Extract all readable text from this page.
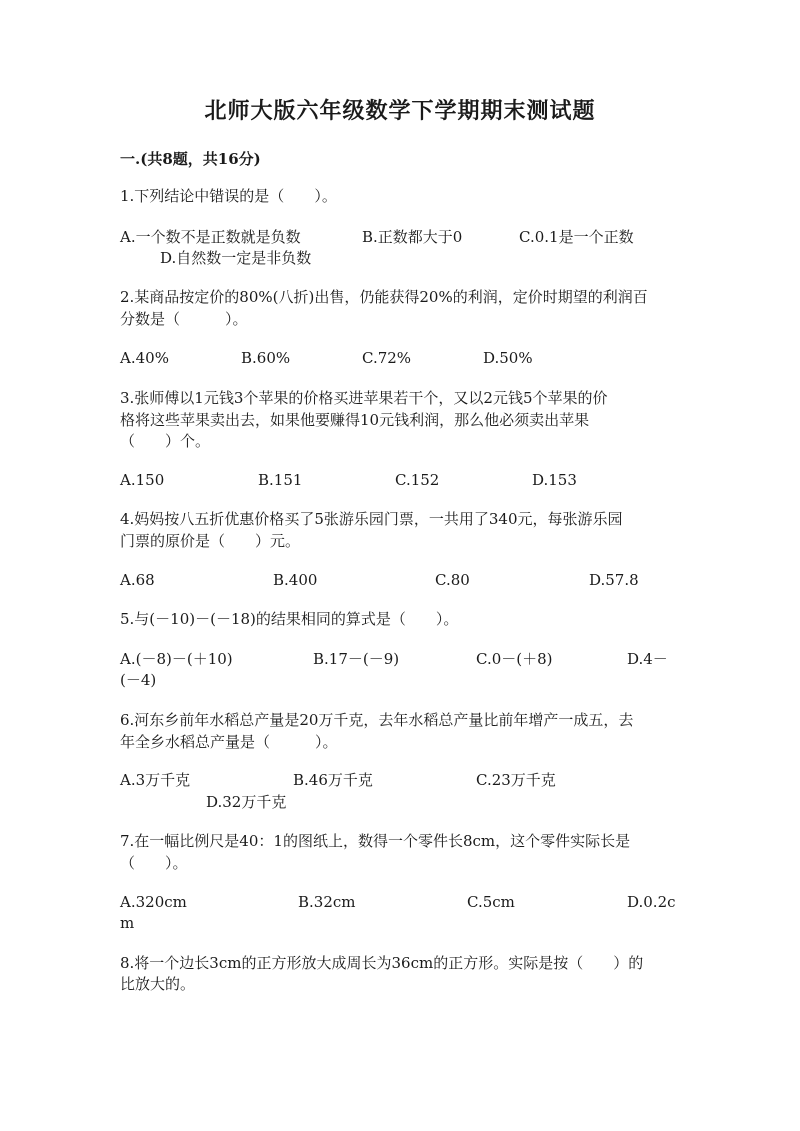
北师大版六年级数学下学期期末测试题
一.(共8题，共16分)
1.下列结论中错误的是（　　）。
A.一个数不是正数就是负数	B.正数都大于0	C.0.1是一个正数
D.自然数一定是非负数
2.某商品按定价的80%(八折)出售，仍能获得20%的利润，定价时期望的利润百
分数是（　　　）。
A.40%	B.60%	C.72%	D.50%
3.张师傅以1元钱3个苹果的价格买进苹果若干个，又以2元钱5个苹果的价
格将这些苹果卖出去，如果他要赚得10元钱利润，那么他必须卖出苹果
（　　）个。
A.150	B.151	C.152	D.153
4.妈妈按八五折优惠价格买了5张游乐园门票，一共用了340元，每张游乐园
门票的原价是（　　）元。
A.68	B.400	C.80	D.57.8
5.与(－10)－(－18)的结果相同的算式是（　　）。
A.(－8)－(＋10)	B.17－(－9)	C.0－(＋8)	D.4－
(－4)
6.河东乡前年水稻总产量是20万千克，去年水稻总产量比前年增产一成五，去
年全乡水稻总产量是（　　　）。
A.3万千克	B.46万千克	C.23万千克
D.32万千克
7.在一幅比例尺是40：1的图纸上，数得一个零件长8cm，这个零件实际长是
（　　）。
A.320cm	B.32cm	C.5cm	D.0.2c
m
8.将一个边长3cm的正方形放大成周长为36cm的正方形。实际是按（　　）的
比放大的。
